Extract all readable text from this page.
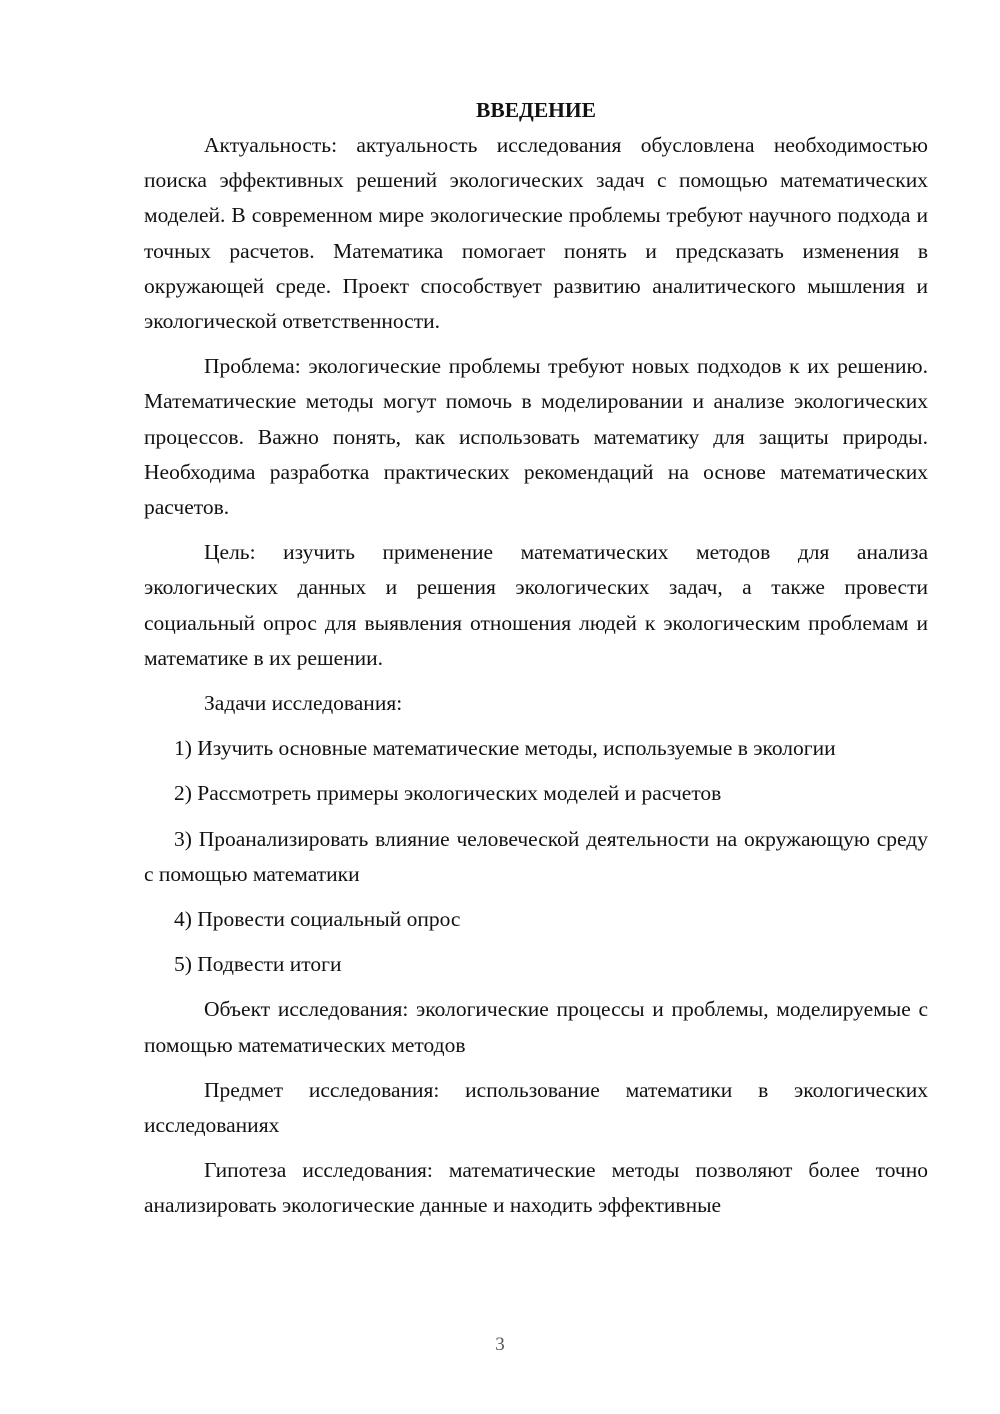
ВВЕДЕНИЕ

Актуальность: актуальность исследования обусловлена необходимостью поиска эффективных решений экологических задач с помощью математических моделей. В современном мире экологические проблемы требуют научного подхода и точных расчетов. Математика помогает понять и предсказать изменения в окружающей среде. Проект способствует развитию аналитического мышления и экологической ответственности.

Проблема: экологические проблемы требуют новых подходов к их решению. Математические методы могут помочь в моделировании и анализе экологических процессов. Важно понять, как использовать математику для защиты природы. Необходима разработка практических рекомендаций на основе математических расчетов.

Цель: изучить применение математических методов для анализа экологических данных и решения экологических задач, а также провести социальный опрос для выявления отношения людей к экологическим проблемам и математике в их решении.

Задачи исследования:

1) Изучить основные математические методы, используемые в экологии

2) Рассмотреть примеры экологических моделей и расчетов

3) Проанализировать влияние человеческой деятельности на окружающую среду с помощью математики

4) Провести социальный опрос

5) Подвести итоги

Объект исследования: экологические процессы и проблемы, моделируемые с помощью математических методов

Предмет исследования: использование математики в экологических исследованиях

Гипотеза исследования: математические методы позволяют более точно анализировать экологические данные и находить эффективные

3
